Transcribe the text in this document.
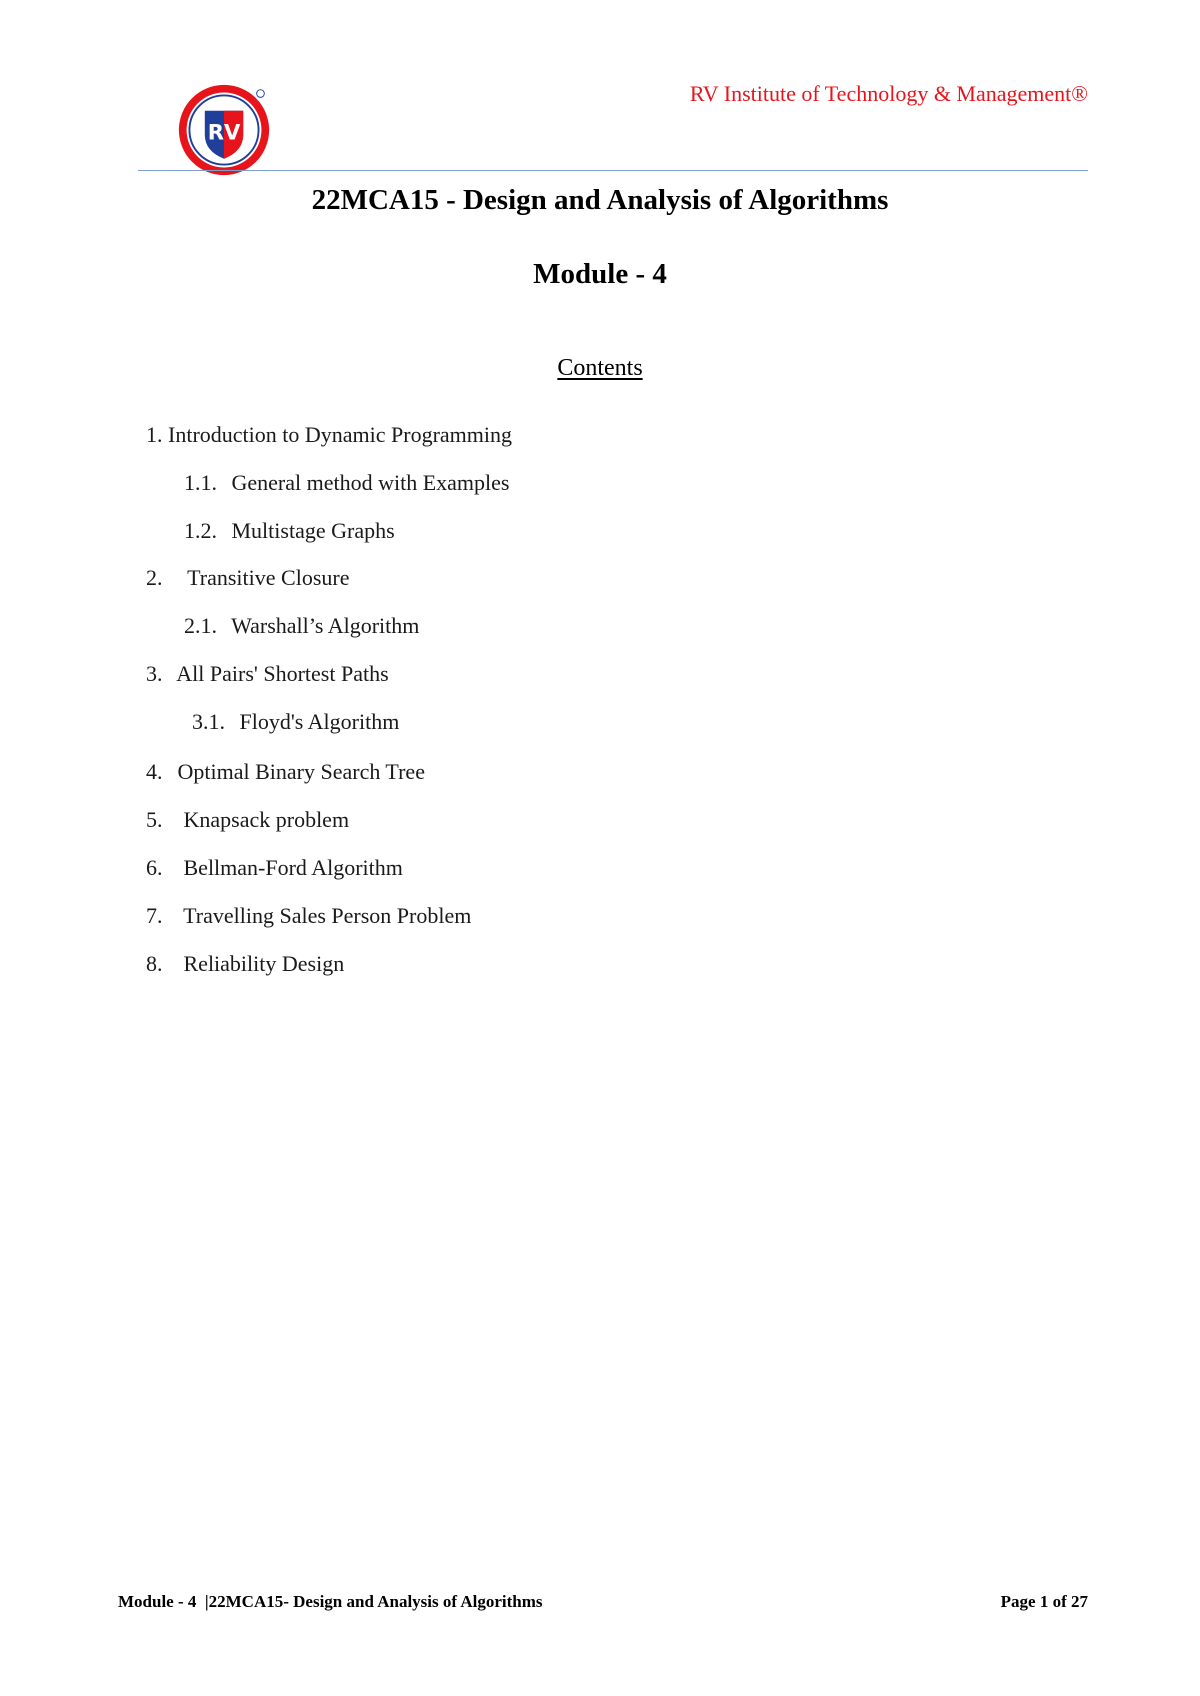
RV
RV Institute of Technology & Management®
22MCA15 - Design and Analysis of Algorithms
Module - 4
Contents
1. Introduction to Dynamic Programming
1.1. General method with Examples
1.2. Multistage Graphs
2. Transitive Closure
2.1. Warshall’s Algorithm
3. All Pairs' Shortest Paths
3.1. Floyd's Algorithm
4. Optimal Binary Search Tree
5. Knapsack problem
6. Bellman-Ford Algorithm
7. Travelling Sales Person Problem
8. Reliability Design
Module - 4  |22MCA15- Design and Analysis of Algorithms	Page 1 of 27
